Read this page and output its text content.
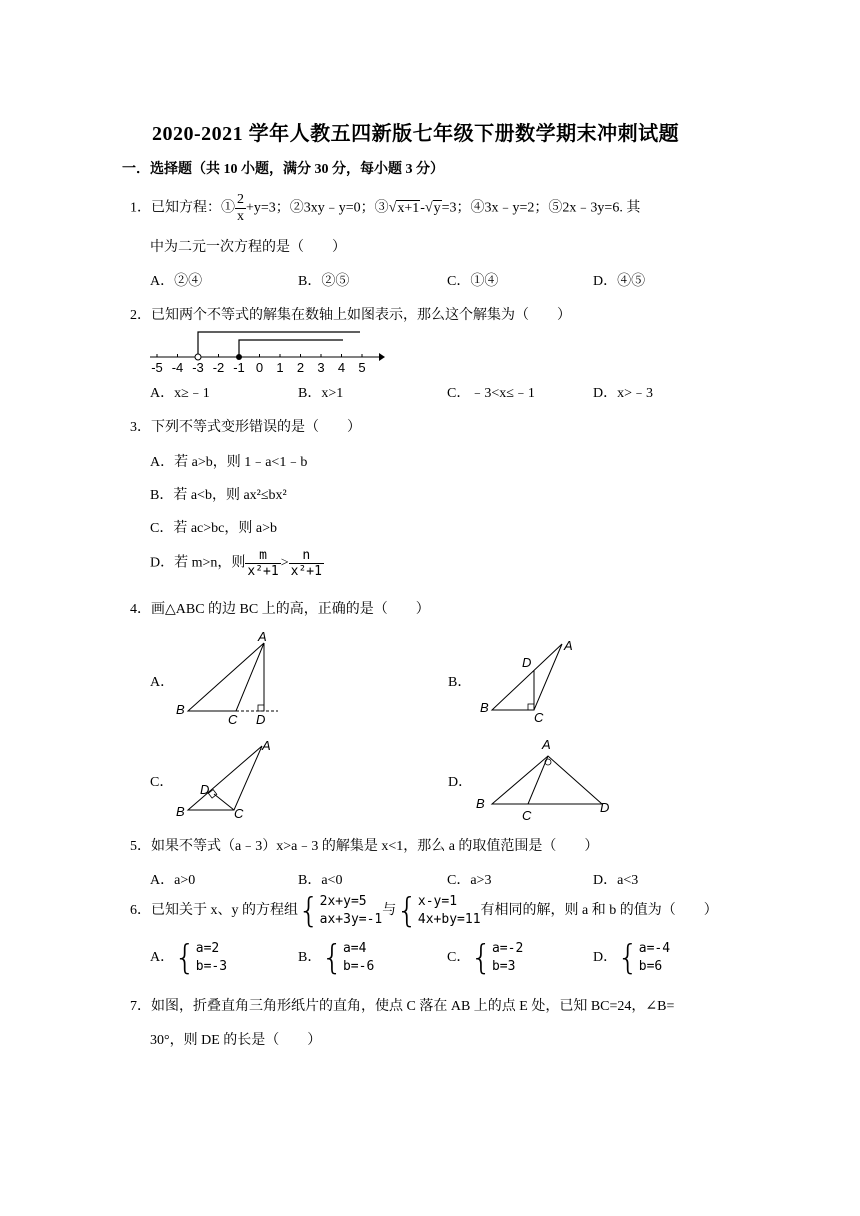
2020-2021 学年人教五四新版七年级下册数学期末冲刺试题
一．选择题（共 10 小题，满分 30 分，每小题 3 分）
1．已知方程：① $\frac{2}{x} +y=3$；②3xy﹣y=0；③√x+1-√y=3；④3x﹣y=2；⑤2x﹣3y=6. 其
中为二元一次方程的是（　　）
A．②④	B．②⑤	C．①④	D．④⑤
2．已知两个不等式的解集在数轴上如图表示，那么这个解集为（　　）
-5 -4 -3 -2 -1 0 1 2 3 4 5
A．x≥﹣1	B．x>1	C．﹣3<x≤﹣1	D．x>﹣3
3．下列不等式变形错误的是（　　）
A．若 a>b，则 1﹣a<1﹣b
B．若 a<b，则 ax²≤bx²
C．若 ac>bc，则 a>b
D．若 m>n，则 $\frac{m}{\text{x²+1}} > \frac{n}{\text{x²+1}}$
4．画△ABC 的边 BC 上的高，正确的是（　　）
A．
A
B
C D
B．
A
D
B
C
C．
A
D
B	C
D．
A
B
C
D
5．如果不等式（a﹣3）x>a﹣3 的解集是 x<1，那么 a 的取值范围是（　　）
A．a>0	B．a<0	C．a>3	D．a<3
6．已知关于 x、y 的方程组{ 2x+y=5
ax+3y=-1
与{ x-y=1
4x+by=11
有相同的解，则 a 和 b 的值为（　　）
A．{ a=2
b=-3
B．{ a=4
b=-6
C．{ a=-2
b=3
D．{ a=-4
b=6
7．如图，折叠直角三角形纸片的直角，使点 C 落在 AB 上的点 E 处，已知 BC=24，∠B=
30°，则 DE 的长是（　　）
